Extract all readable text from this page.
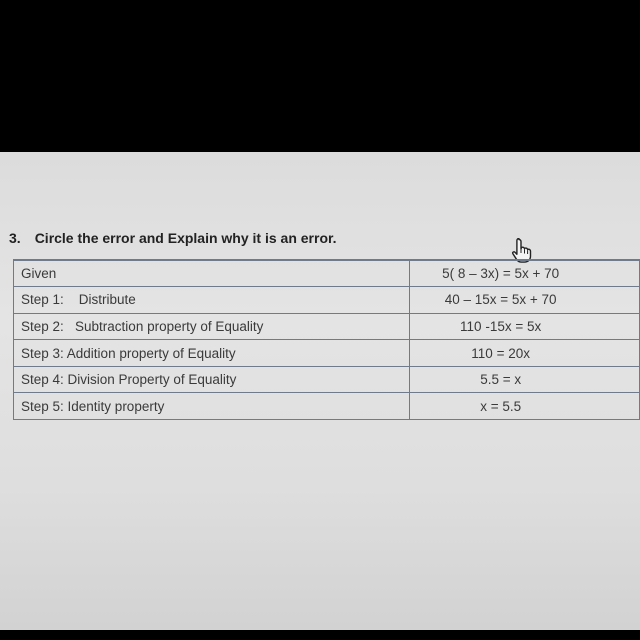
3. Circle the error and Explain why it is an error.
Given	5( 8 – 3x) = 5x + 70
Step 1:    Distribute	40 – 15x = 5x + 70
Step 2:   Subtraction property of Equality	110 -15x = 5x
Step 3: Addition property of Equality	110 = 20x
Step 4: Division Property of Equality	5.5 = x
Step 5: Identity property	x = 5.5
